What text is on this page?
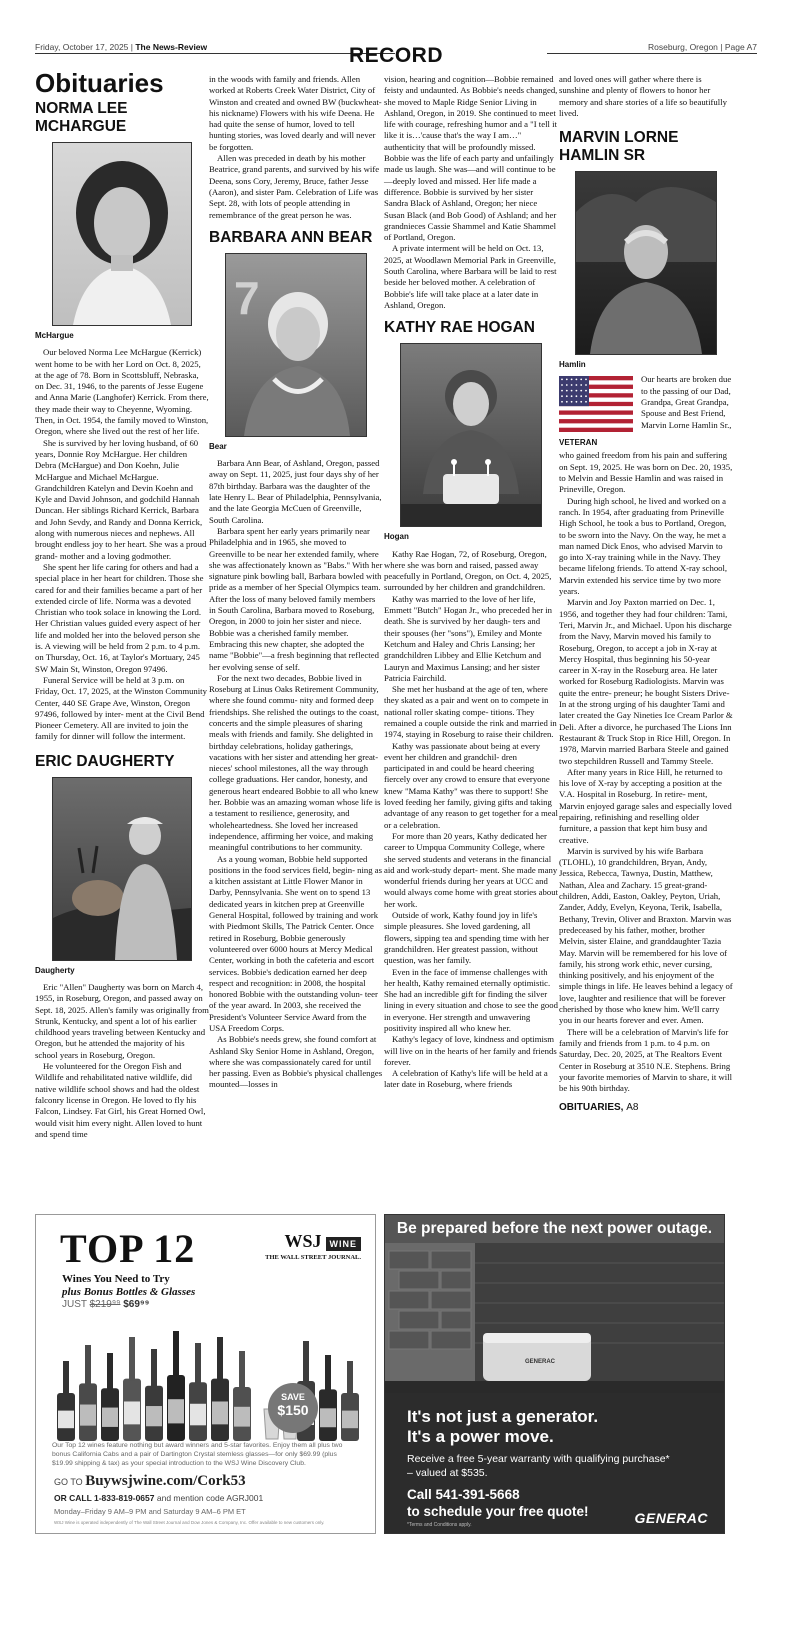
Friday, October 17, 2025 | The News-Review	RECORD	Roseburg, Oregon | Page A7
Obituaries
NORMA LEE MCHARGUE
McHargue

Our beloved Norma Lee McHargue (Kerrick) went home to be with her Lord on Oct. 8, 2025, at the age of 78. Born in Scottsbluff, Nebraska, on Dec. 31, 1946, to the parents of Jesse Eugene and Anna Marie (Langhofer) Kerrick. From there, they made their way to Cheyenne, Wyoming. Then, in Oct. 1954, the family moved to Winston, Oregon, where she lived out the rest of her life.

She is survived by her loving husband, of 60 years, Donnie Roy McHargue. Her children Debra (McHargue) and Don Koehn, Julie McHargue and Michael McHargue. Grandchildren Katelyn and Devin Koehn and Kyle and David Johnson, and godchild Hannah Duncan. Her siblings Richard Kerrick, Barbara and John Sevdy, and Randy and Donna Kerrick, along with numerous nieces and nephews. All brought endless joy to her heart. She was a proud grand- mother and a loving godmother.

She spent her life caring for others and had a special place in her heart for children. Those she cared for and their families became a part of her extended circle of life. Norma was a devoted Christian who took solace in knowing the Lord. Her Christian values guided every aspect of her life and molded her into the beloved person she is. A viewing will be held from 2 p.m. to 4 p.m. on Thursday, Oct. 16, at Taylor's Mortuary, 245 SW Main St, Winston, Oregon 97496.

Funeral Service will be held at 3 p.m. on Friday, Oct. 17, 2025, at the Winston Community Center, 440 SE Grape Ave, Winston, Oregon 97496, followed by inter- ment at the Civil Bend Pioneer Cemetery. All are invited to join the family for dinner will follow the interment.

ERIC DAUGHERTY
Daugherty

Eric "Allen" Daugherty was born on March 4, 1955, in Roseburg, Oregon, and passed away on Sept. 18, 2025. Allen's family was originally from Strunk, Kentucky, and spent a lot of his earlier childhood years traveling between Kentucky and Oregon, but he attended the majority of his school years in Roseburg, Oregon.

He volunteered for the Oregon Fish and Wildlife and rehabilitated native wildlife, did native wildlife school shows and had the oldest falconry license in Oregon. He loved to fly his Falcon, Lindsey. Fat Girl, his Great Horned Owl, would visit him every night. Allen loved to hunt and spend time

in the woods with family and friends. Allen worked at Roberts Creek Water District, City of Winston and created and owned BW (buckwheat- his nickname) Flowers with his wife Deena. He had quite the sense of humor, loved to tell hunting stories, was loved dearly and will never be forgotten.

Allen was preceded in death by his mother Beatrice, grand parents, and survived by his wife Deena, sons Cory, Jeremy, Bruce, father Jesse (Aaron), and sister Pam. Celebration of Life was Sept. 28, with lots of people attending in remembrance of the great person he was.

BARBARA ANN BEAR
7
Bear

Barbara Ann Bear, of Ashland, Oregon, passed away on Sept. 11, 2025, just four days shy of her 87th birthday. Barbara was the daughter of the late Henry L. Bear of Philadelphia, Pennsylvania, and the late Georgia McCuen of Greenville, South Carolina.

Barbara spent her early years primarily near Philadelphia and in 1965, she moved to Greenville to be near her extended family, where she was affectionately known as "Babs." With her signature pink bowling ball, Barbara bowled with pride as a member of her Special Olympics team. After the loss of many beloved family members in South Carolina, Barbara moved to Roseburg, Oregon, in 2000 to join her sister and niece. Bobbie was a cherished family member. Embracing this new chapter, she adopted the name "Bobbie"—a fresh beginning that reflected her evolving sense of self.

For the next two decades, Bobbie lived in Roseburg at Linus Oaks Retirement Community, where she found commu- nity and formed deep friendships. She relished the outings to the coast, concerts and the simple pleasures of sharing meals with friends and family. She delighted in birthday celebrations, holiday gatherings, vacations with her sister and attending her great-nieces' school milestones, all the way through college graduations. Her candor, honesty, and generous heart endeared Bobbie to all who knew her. Bobbie was an amazing woman whose life is a testament to resilience, generosity, and wholeheartedness. She loved her increased independence, affirming her voice, and making meaningful contributions to her community.

As a young woman, Bobbie held supported positions in the food services field, begin- ning as a kitchen assistant at Little Flower Manor in Darby, Pennsylvania. She went on to spend 13 dedicated years in kitchen prep at Greenville General Hospital, followed by training and work with Piedmont Skills, The Patrick Center. Once retired in Roseburg, Bobbie generously volunteered over 6000 hours at Mercy Medical Center, working in both the cafeteria and escort services. Bobbie's dedication earned her deep respect and recognition: in 2008, the hospital honored Bobbie with the outstanding volun- teer of the year award. In 2003, she received the President's Volunteer Service Award from the USA Freedom Corps.

As Bobbie's needs grew, she found comfort at Ashland Sky Senior Home in Ashland, Oregon, where she was compassionately cared for until her passing. Even as Bobbie's physical challenges mounted—losses in

vision, hearing and cognition—Bobbie remained feisty and undaunted. As Bobbie's needs changed, she moved to Maple Ridge Senior Living in Ashland, Oregon, in 2019. She continued to meet life with courage, refreshing humor and a "I tell it like it is…'cause that's the way I am…" authenticity that will be profoundly missed. Bobbie was the life of each party and unfailingly made us laugh. She was—and will continue to be—deeply loved and missed. Her life made a difference. Bobbie is survived by her sister Sandra Black of Ashland, Oregon; her niece Susan Black (and Bob Good) of Ashland; and her grandnieces Cassie Shammel and Katie Shammel of Portland, Oregon.

A private interment will be held on Oct. 13, 2025, at Woodlawn Memorial Park in Greenville, South Carolina, where Barbara will be laid to rest beside her beloved mother. A celebration of Bobbie's life will take place at a later date in Ashland, Oregon.

KATHY RAE HOGAN
Hogan

Kathy Rae Hogan, 72, of Roseburg, Oregon, where she was born and raised, passed away peacefully in Portland, Oregon, on Oct. 4, 2025, surrounded by her children and grandchildren.

Kathy was married to the love of her life, Emmett "Butch" Hogan Jr., who preceded her in death. She is survived by her daugh- ters and their spouses (her "sons"), Emiley and Monte Ketchum and Haley and Chris Lansing; her grandchildren Libbey and Ellie Ketchum and Lauryn and Maximus Lansing; and her sister Patricia Fairchild.

She met her husband at the age of ten, where they skated as a pair and went on to compete in national roller skating compe- titions. They remained a couple outside the rink and married in 1974, staying in Roseburg to raise their children.

Kathy was passionate about being at every event her children and grandchil- dren participated in and could be heard cheering fiercely over any crowd to ensure that everyone knew "Mama Kathy" was there to support! She loved feeding her family, giving gifts and taking advantage of any reason to get together for a meal or a celebration.

For more than 20 years, Kathy dedicated her career to Umpqua Community College, where she served students and veterans in the financial aid and work-study depart- ment. She made many wonderful friends during her years at UCC and would always come home with great stories about her work.

Outside of work, Kathy found joy in life's simple pleasures. She loved gardening, all flowers, sipping tea and spending time with her grandchildren. Her greatest passion, without question, was her family.

Even in the face of immense challenges with her health, Kathy remained eternally optimistic. She had an incredible gift for finding the silver lining in every situation and chose to see the good in everyone. Her strength and unwavering positivity inspired all who knew her.

Kathy's legacy of love, kindness and optimism will live on in the hearts of her family and friends forever.

A celebration of Kathy's life will be held at a later date in Roseburg, where friends

and loved ones will gather where there is sunshine and plenty of flowers to honor her memory and share stories of a life so beautifully lived.

MARVIN LORNE HAMLIN SR
Hamlin
VETERAN
Our hearts are broken due to the passing of our Dad, Grandpa, Great Grandpa, Spouse and Best Friend, Marvin Lorne Hamlin Sr.,

who gained freedom from his pain and suffering on Sept. 19, 2025. He was born on Dec. 20, 1935, to Melvin and Bessie Hamlin and was raised in Prineville, Oregon.

During high school, he lived and worked on a ranch. In 1954, after graduating from Prineville High School, he took a bus to Portland, Oregon, to be sworn into the Navy. On the way, he met a man named Dick Enos, who advised Marvin to go into X-ray training while in the Navy. They became lifelong friends. To attend X-ray school, Marvin extended his service time by two more years.

Marvin and Joy Paxton married on Dec. 1, 1956, and together they had four children: Tami, Teri, Marvin Jr., and Michael. Upon his discharge from the Navy, Marvin moved his family to Roseburg, Oregon, to accept a job in X-ray at Mercy Hospital, thus beginning his 50-year career in X-ray in the Roseburg area. He later worked for Roseburg Radiologists. Marvin was quite the entre- preneur; he bought Sisters Drive-In at the strong urging of his daughter Tami and later created the Gay Nineties Ice Cream Parlor & Deli. After a divorce, he purchased The Lions Inn Restaurant & Truck Stop in Rice Hill, Oregon. In 1978, Marvin married Barbara Steele and gained two stepchildren Russell and Tammy Steele.

After many years in Rice Hill, he returned to his love of X-ray by accepting a position at the V.A. Hospital in Roseburg. In retire- ment, Marvin enjoyed garage sales and especially loved repairing, refinishing and reselling older furniture, a passion that kept him busy and creative.

Marvin is survived by his wife Barbara (TLOHL), 10 grandchildren, Bryan, Andy, Jessica, Rebecca, Tawnya, Dustin, Matthew, Nathan, Alea and Zachary. 15 great-grand- children, Addi, Easton, Oakley, Peyton, Uriah, Zander, Addy, Evelyn, Keyona, Terik, Isabella, Bethany, Trevin, Oliver and Braxton. Marvin was predeceased by his father, mother, brother Melvin, sister Elaine, and granddaughter Tazia May. Marvin will be remembered for his love of family, his strong work ethic, never cursing, thinking positively, and his enjoyment of the simple things in life. He leaves behind a legacy of love, laughter and resilience that will be forever cherished by those who knew him. We'll carry you in our hearts forever and ever. Amen.

There will be a celebration of Marvin's life for family and friends from 1 p.m. to 4 p.m. on Saturday, Dec. 20, 2025, at The Realtors Event Center in Roseburg at 3510 N.E. Stephens. Bring your favorite memories of Marvin to share, it will be his 90th birthday.

OBITUARIES, A8
TOP 12	WSJ WINE
THE WALL STREET JOURNAL.
Wines You Need to Try
plus Bonus Bottles & Glasses
JUST $219⁹⁹ $69⁹⁹
SAVE
$150
Our Top 12 wines feature nothing but award winners and 5-star favorites. Enjoy them all plus two bonus California Cabs and a pair of Dartington Crystal stemless glasses—for only $69.99 (plus $19.99 shipping & tax) as your special introduction to the WSJ Wine Discovery Club.
GO TO Buywsjwine.com/Cork53
OR CALL 1-833-819-0657 and mention code AGRJ001
Monday–Friday 9 AM–9 PM and Saturday 9 AM–6 PM ET
WSJ Wine is operated independently of The Wall Street Journal and Dow Jones & Company, Inc. Offer available to new customers only.
Be prepared before the next power outage.
GENERAC
It's not just a generator.
It's a power move.
Receive a free 5-year warranty with qualifying purchase*
– valued at $535.
Call 541-391-5668
to schedule your free quote!
*Terms and Conditions apply.	GENERAC
